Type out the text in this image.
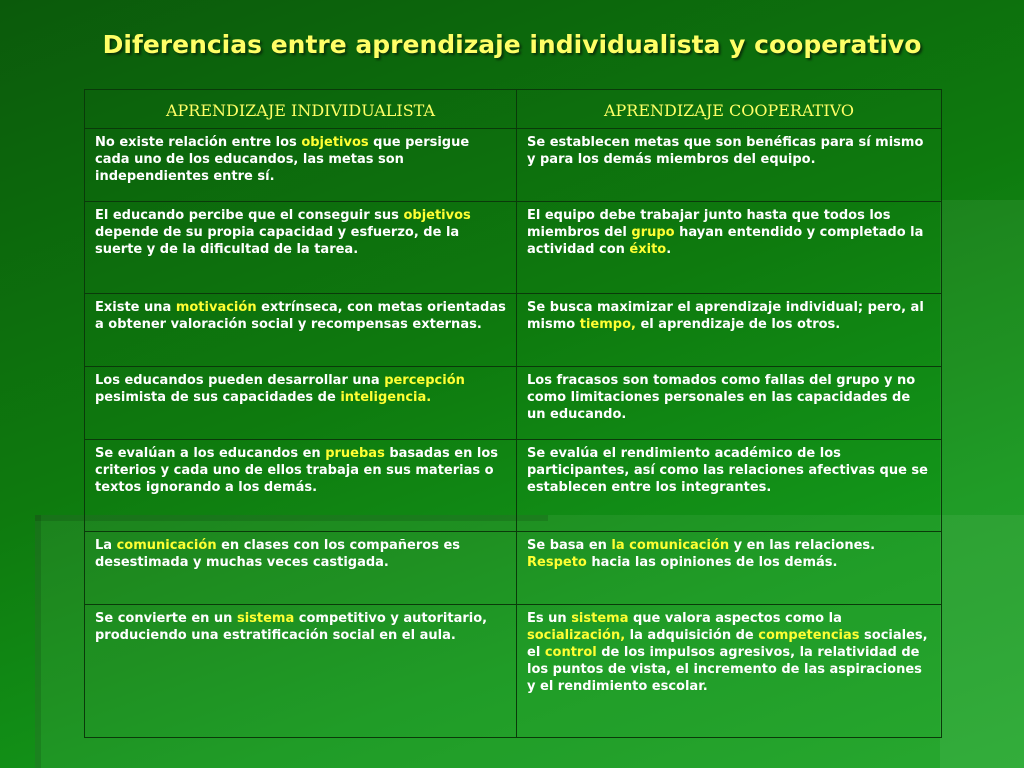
Diferencias entre aprendizaje individualista y cooperativo
APRENDIZAJE INDIVIDUALISTA	APRENDIZAJE COOPERATIVO
No existe relación entre los objetivos que persigue cada uno de los educandos, las metas son independientes entre sí.	Se establecen metas que son benéficas para sí mismo y para los demás miembros del equipo.
El educando percibe que el conseguir sus objetivos depende de su propia capacidad y esfuerzo, de la suerte y de la dificultad de la tarea.	El equipo debe trabajar junto hasta que todos los miembros del grupo hayan entendido y completado la actividad con éxito.
Existe una motivación extrínseca, con metas orientadas a obtener valoración social y recompensas externas.	Se busca maximizar el aprendizaje individual; pero, al mismo tiempo, el aprendizaje de los otros.
Los educandos pueden desarrollar una percepción pesimista de sus capacidades de inteligencia.	Los fracasos son tomados como fallas del grupo y no como limitaciones personales en las capacidades de un educando.
Se evalúan a los educandos en pruebas basadas en los criterios y cada uno de ellos trabaja en sus materias o textos ignorando a los demás.	Se evalúa el rendimiento académico de los participantes, así como las relaciones afectivas que se establecen entre los integrantes.
La comunicación en clases con los compañeros es desestimada y muchas veces castigada.	Se basa en la comunicación y en las relaciones. Respeto hacia las opiniones de los demás.
Se convierte en un sistema competitivo y autoritario, produciendo una estratificación social en el aula.	Es un sistema que valora aspectos como la socialización, la adquisición de competencias sociales, el control de los impulsos agresivos, la relatividad de los puntos de vista, el incremento de las aspiraciones y el rendimiento escolar.
